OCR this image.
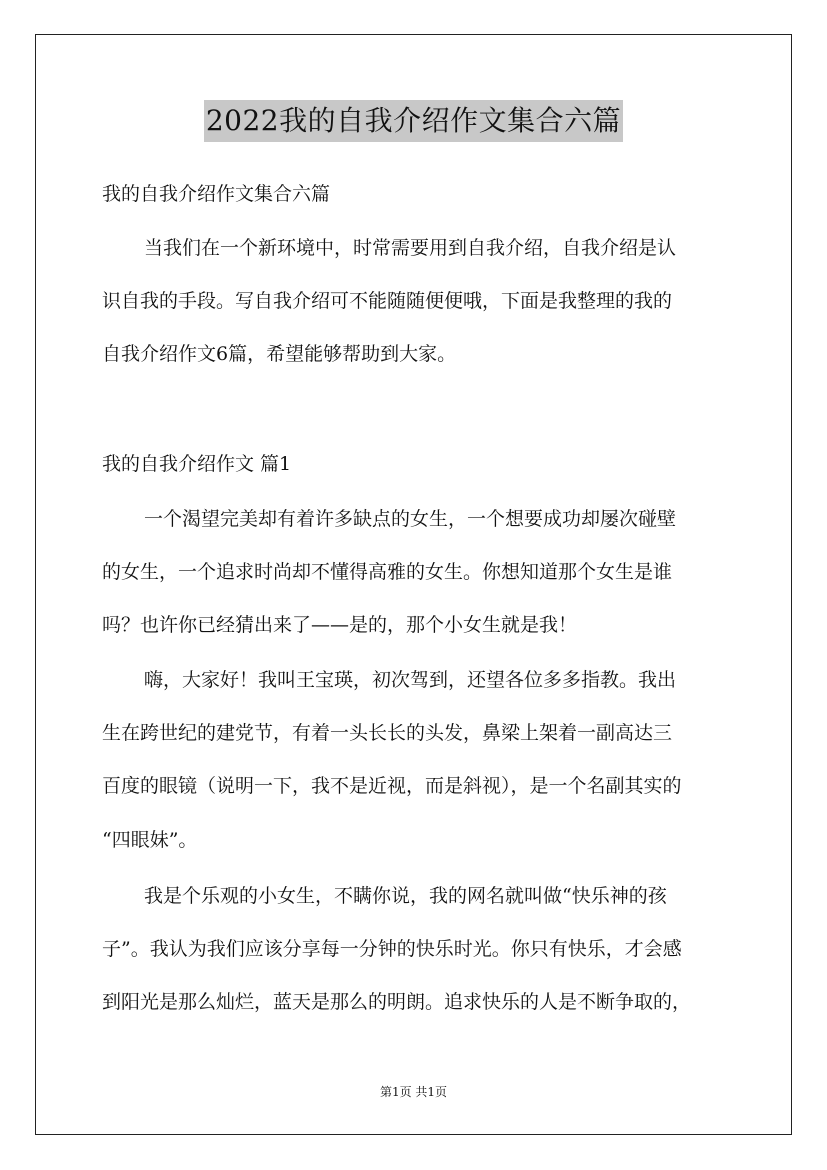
2022我的自我介绍作文集合六篇
我的自我介绍作文集合六篇
当我们在一个新环境中，时常需要用到自我介绍，自我介绍是认
识自我的手段。写自我介绍可不能随随便便哦，下面是我整理的我的
自我介绍作文6篇，希望能够帮助到大家。
我的自我介绍作文 篇1
一个渴望完美却有着许多缺点的女生，一个想要成功却屡次碰壁
的女生，一个追求时尚却不懂得高雅的女生。你想知道那个女生是谁
吗？也许你已经猜出来了——是的，那个小女生就是我！
嗨，大家好！我叫王宝瑛，初次驾到，还望各位多多指教。我出
生在跨世纪的建党节，有着一头长长的头发，鼻梁上架着一副高达三
百度的眼镜（说明一下，我不是近视，而是斜视），是一个名副其实的
“四眼妹”。
我是个乐观的小女生，不瞒你说，我的网名就叫做“快乐神的孩
子”。我认为我们应该分享每一分钟的快乐时光。你只有快乐，才会感
到阳光是那么灿烂，蓝天是那么的明朗。追求快乐的人是不断争取的，
第1页 共1页
